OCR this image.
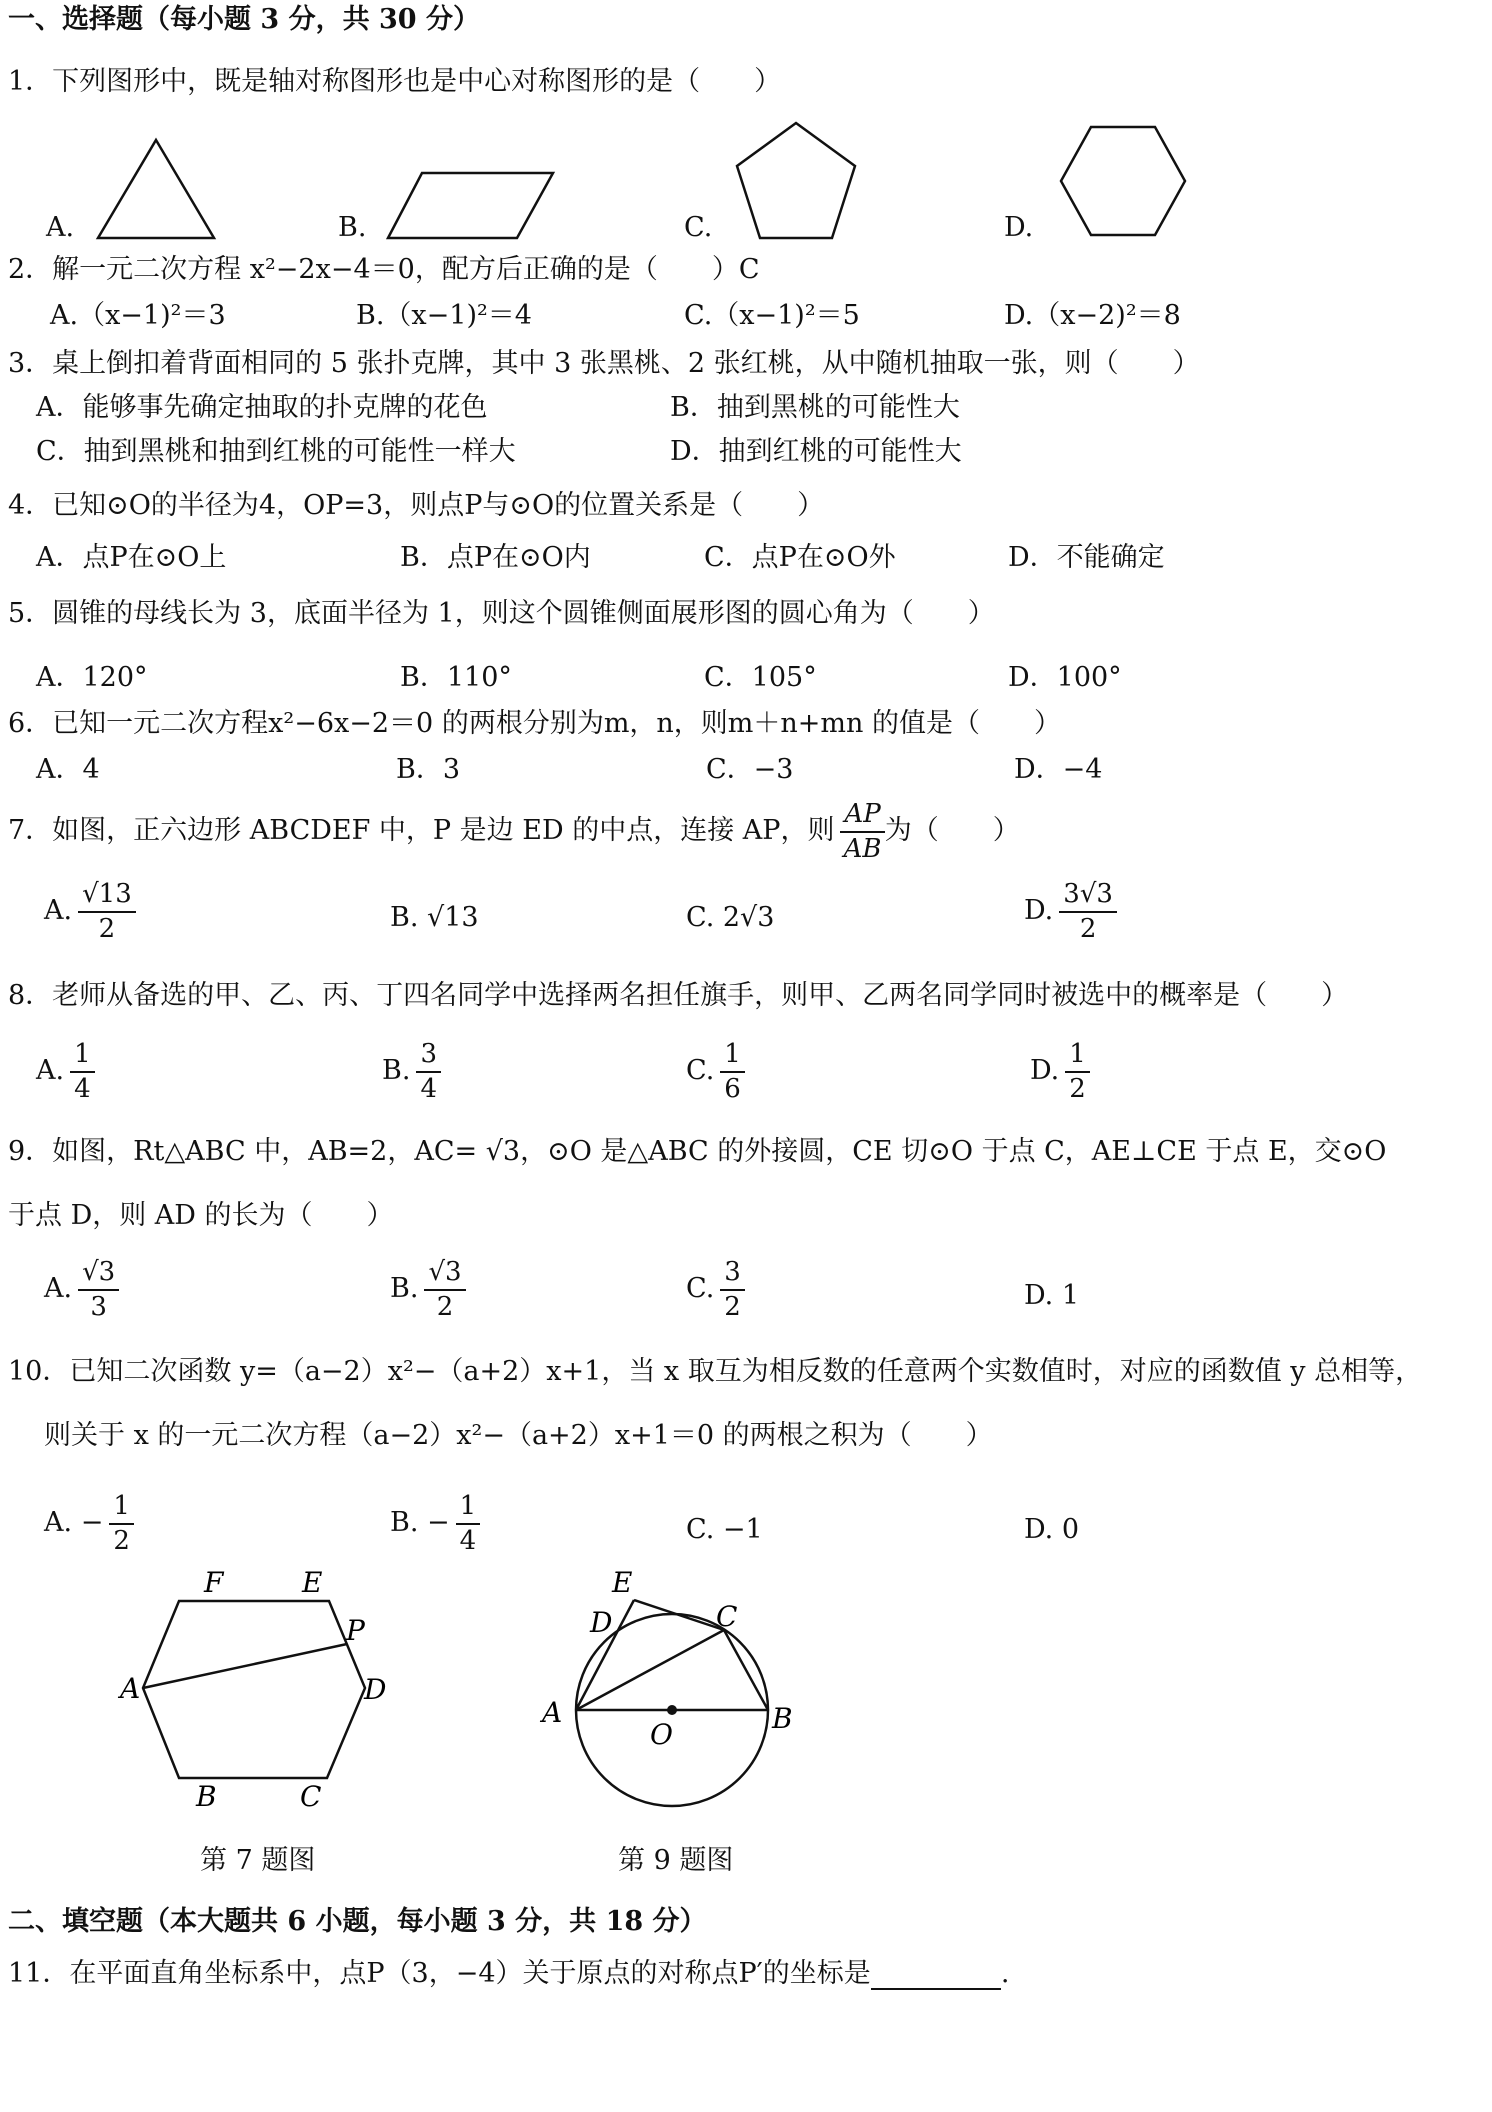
一、选择题（每小题 3 分，共 30 分）
1．下列图形中，既是轴对称图形也是中心对称图形的是（　　）
A.	B.	C.	D.
2．解一元二次方程 x²−2x−4＝0，配方后正确的是（　　）C
A.（x−1)²＝3	B.（x−1)²＝4	C.（x−1)²＝5	D.（x−2)²＝8
3．桌上倒扣着背面相同的 5 张扑克牌，其中 3 张黑桃、2 张红桃，从中随机抽取一张，则（　　）
A．能够事先确定抽取的扑克牌的花色	B．抽到黑桃的可能性大
C．抽到黑桃和抽到红桃的可能性一样大	D．抽到红桃的可能性大
4．已知⊙O的半径为4，OP=3，则点P与⊙O的位置关系是（　　）
A．点P在⊙O上	B．点P在⊙O内	C．点P在⊙O外	D．不能确定
5．圆锥的母线长为 3，底面半径为 1，则这个圆锥侧面展形图的圆心角为（　　）
A．120°	B．110°	C．105°	D．100°
6．已知一元二次方程x²−6x−2＝0 的两根分别为m，n，则m＋n+mn 的值是（　　）
A．4	B．3	C．−3	D．−4
7．如图，正六边形 ABCDEF 中，P 是边 ED 的中点，连接 AP，则 $\frac{AP}{AB}$ 为（　　）
A. $\frac{√13}{2}$	B. √13	C. 2√3	D. $\frac{3√3}{2}$
8．老师从备选的甲、乙、丙、丁四名同学中选择两名担任旗手，则甲、乙两名同学同时被选中的概率是（　　）
A. $\frac{1}{4}$	B. $\frac{3}{4}$	C. $\frac{1}{6}$	D. $\frac{1}{2}$
9．如图，Rt△ABC 中，AB=2，AC= √3，⊙O 是△ABC 的外接圆，CE 切⊙O 于点 C，AE⊥CE 于点 E，交⊙O
于点 D，则 AD 的长为（　　）
A. $\frac{√3}{3}$	B. $\frac{√3}{2}$	C. $\frac{3}{2}$	D. 1
10．已知二次函数 y=（a−2）x²−（a+2）x+1，当 x 取互为相反数的任意两个实数值时，对应的函数值 y 总相等，
则关于 x 的一元二次方程（a−2）x²−（a+2）x+1＝0 的两根之积为（　　）
A. − $\frac{1}{2}$	B. − $\frac{1}{4}$	C. −1	D. 0
F	E
P
A	D
B	C
第 7 题图
E
D	C
A
O	B
第 9 题图
二、填空题（本大题共 6 小题，每小题 3 分，共 18 分）
11．在平面直角坐标系中，点P（3，−4）关于原点的对称点P′的坐标是	.
